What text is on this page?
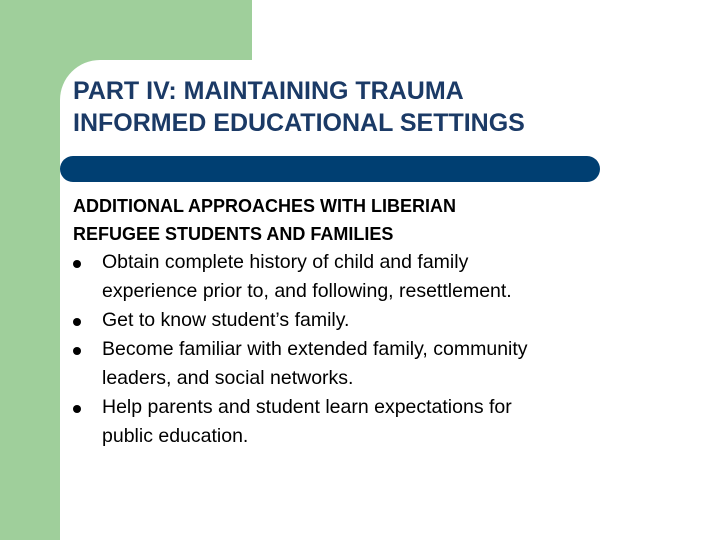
PART IV: MAINTAINING TRAUMA
INFORMED EDUCATIONAL SETTINGS

ADDITIONAL APPROACHES WITH LIBERIAN
REFUGEE STUDENTS AND FAMILIES

Obtain complete history of child and family
experience prior to, and following, resettlement.
Get to know student’s family.
Become familiar with extended family, community
leaders, and social networks.
Help parents and student learn expectations for
public education.
